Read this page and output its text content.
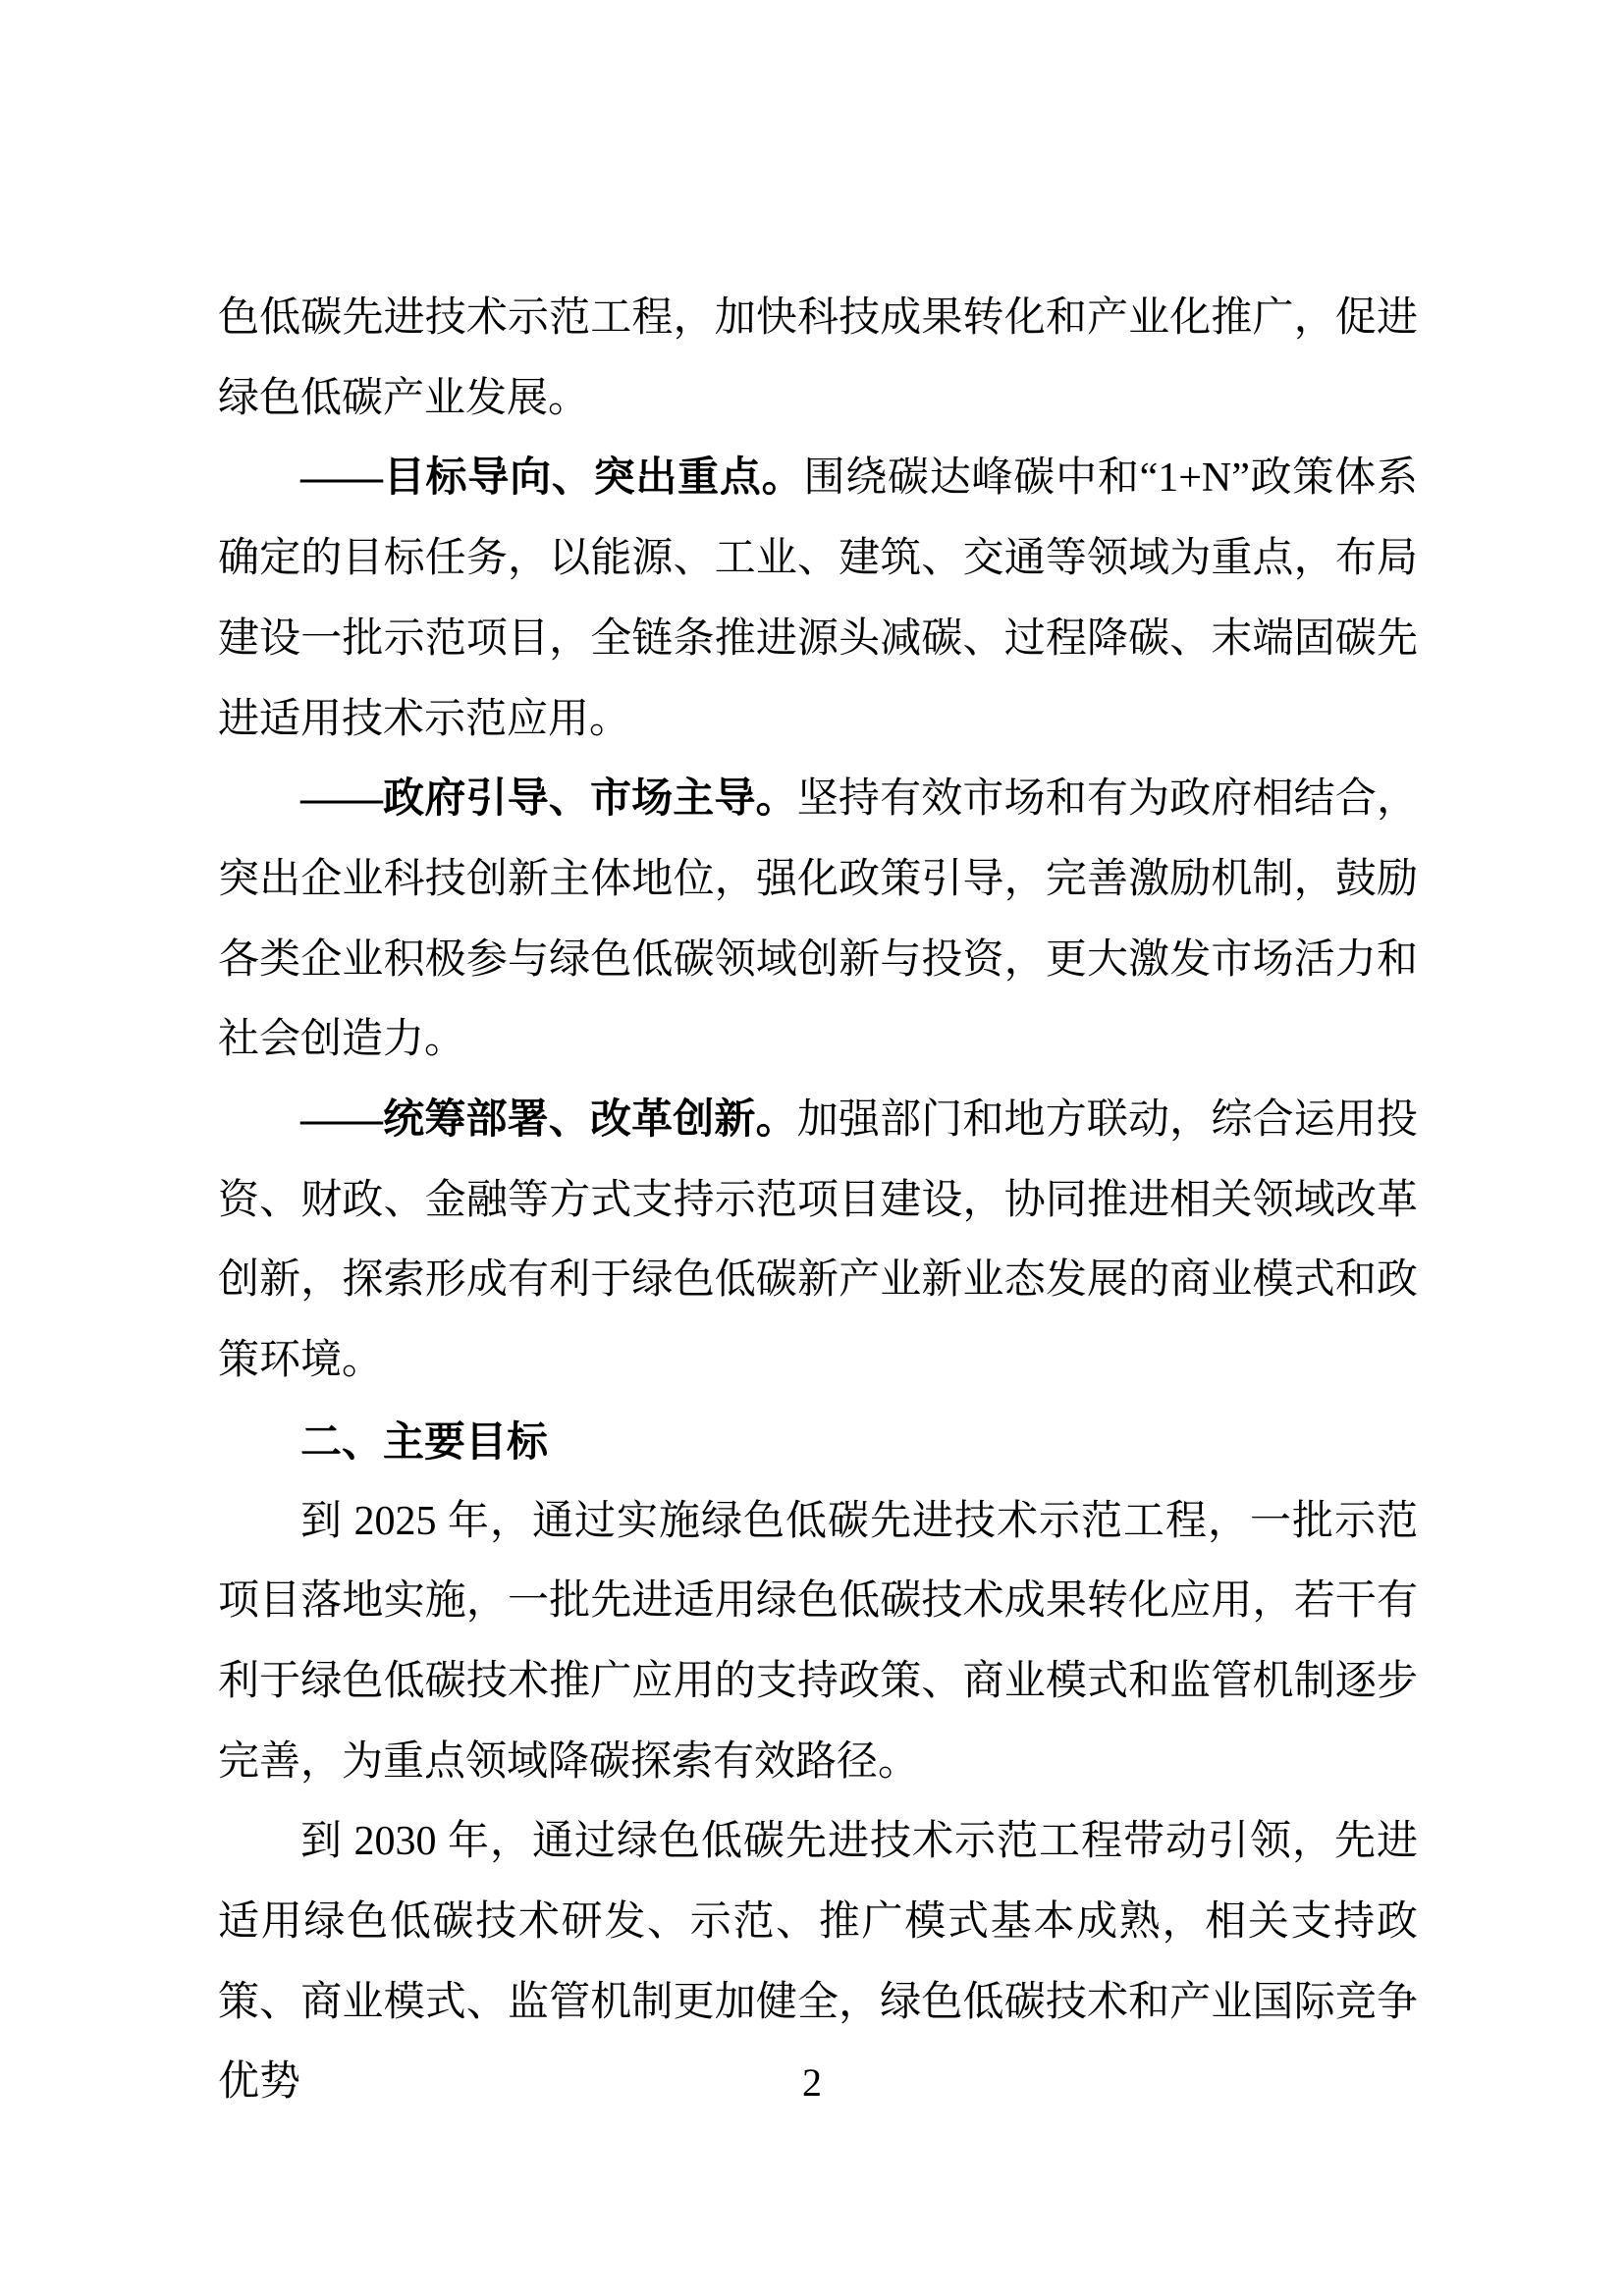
色低碳先进技术示范工程，加快科技成果转化和产业化推广，促进绿色低碳产业发展。

——目标导向、突出重点。围绕碳达峰碳中和“1+N”政策体系确定的目标任务，以能源、工业、建筑、交通等领域为重点，布局建设一批示范项目，全链条推进源头减碳、过程降碳、末端固碳先进适用技术示范应用。

——政府引导、市场主导。坚持有效市场和有为政府相结合，突出企业科技创新主体地位，强化政策引导，完善激励机制，鼓励各类企业积极参与绿色低碳领域创新与投资，更大激发市场活力和社会创造力。

——统筹部署、改革创新。加强部门和地方联动，综合运用投资、财政、金融等方式支持示范项目建设，协同推进相关领域改革创新，探索形成有利于绿色低碳新产业新业态发展的商业模式和政策环境。

二、主要目标

到 2025 年，通过实施绿色低碳先进技术示范工程，一批示范项目落地实施，一批先进适用绿色低碳技术成果转化应用，若干有利于绿色低碳技术推广应用的支持政策、商业模式和监管机制逐步完善，为重点领域降碳探索有效路径。

到 2030 年，通过绿色低碳先进技术示范工程带动引领，先进适用绿色低碳技术研发、示范、推广模式基本成熟，相关支持政策、商业模式、监管机制更加健全，绿色低碳技术和产业国际竞争优势	2
